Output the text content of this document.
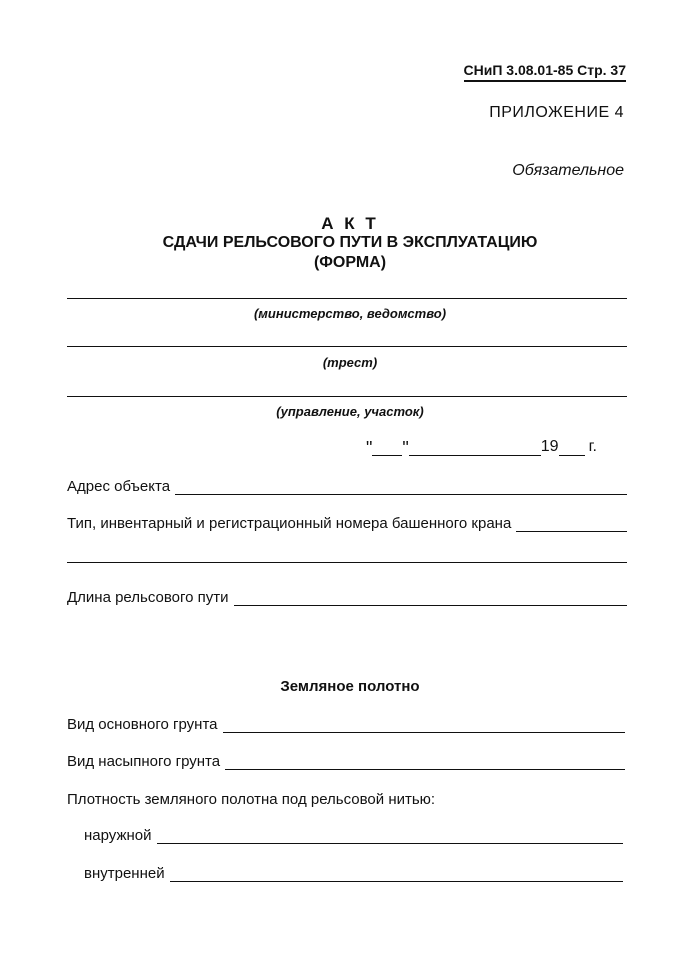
СНиП 3.08.01-85 Стр. 37
ПРИЛОЖЕНИЕ 4
Обязательное
А К Т
СДАЧИ РЕЛЬСОВОГО ПУТИ В ЭКСПЛУАТАЦИЮ
(ФОРМА)
(министерство, ведомство)
(трест)
(управление, участок)
" "	19 г.
Адрес объекта
Тип, инвентарный и регистрационный номера башенного крана
Длина рельсового пути
Земляное полотно
Вид основного грунта
Вид насыпного грунта
Плотность земляного полотна под рельсовой нитью:
наружной
внутренней
